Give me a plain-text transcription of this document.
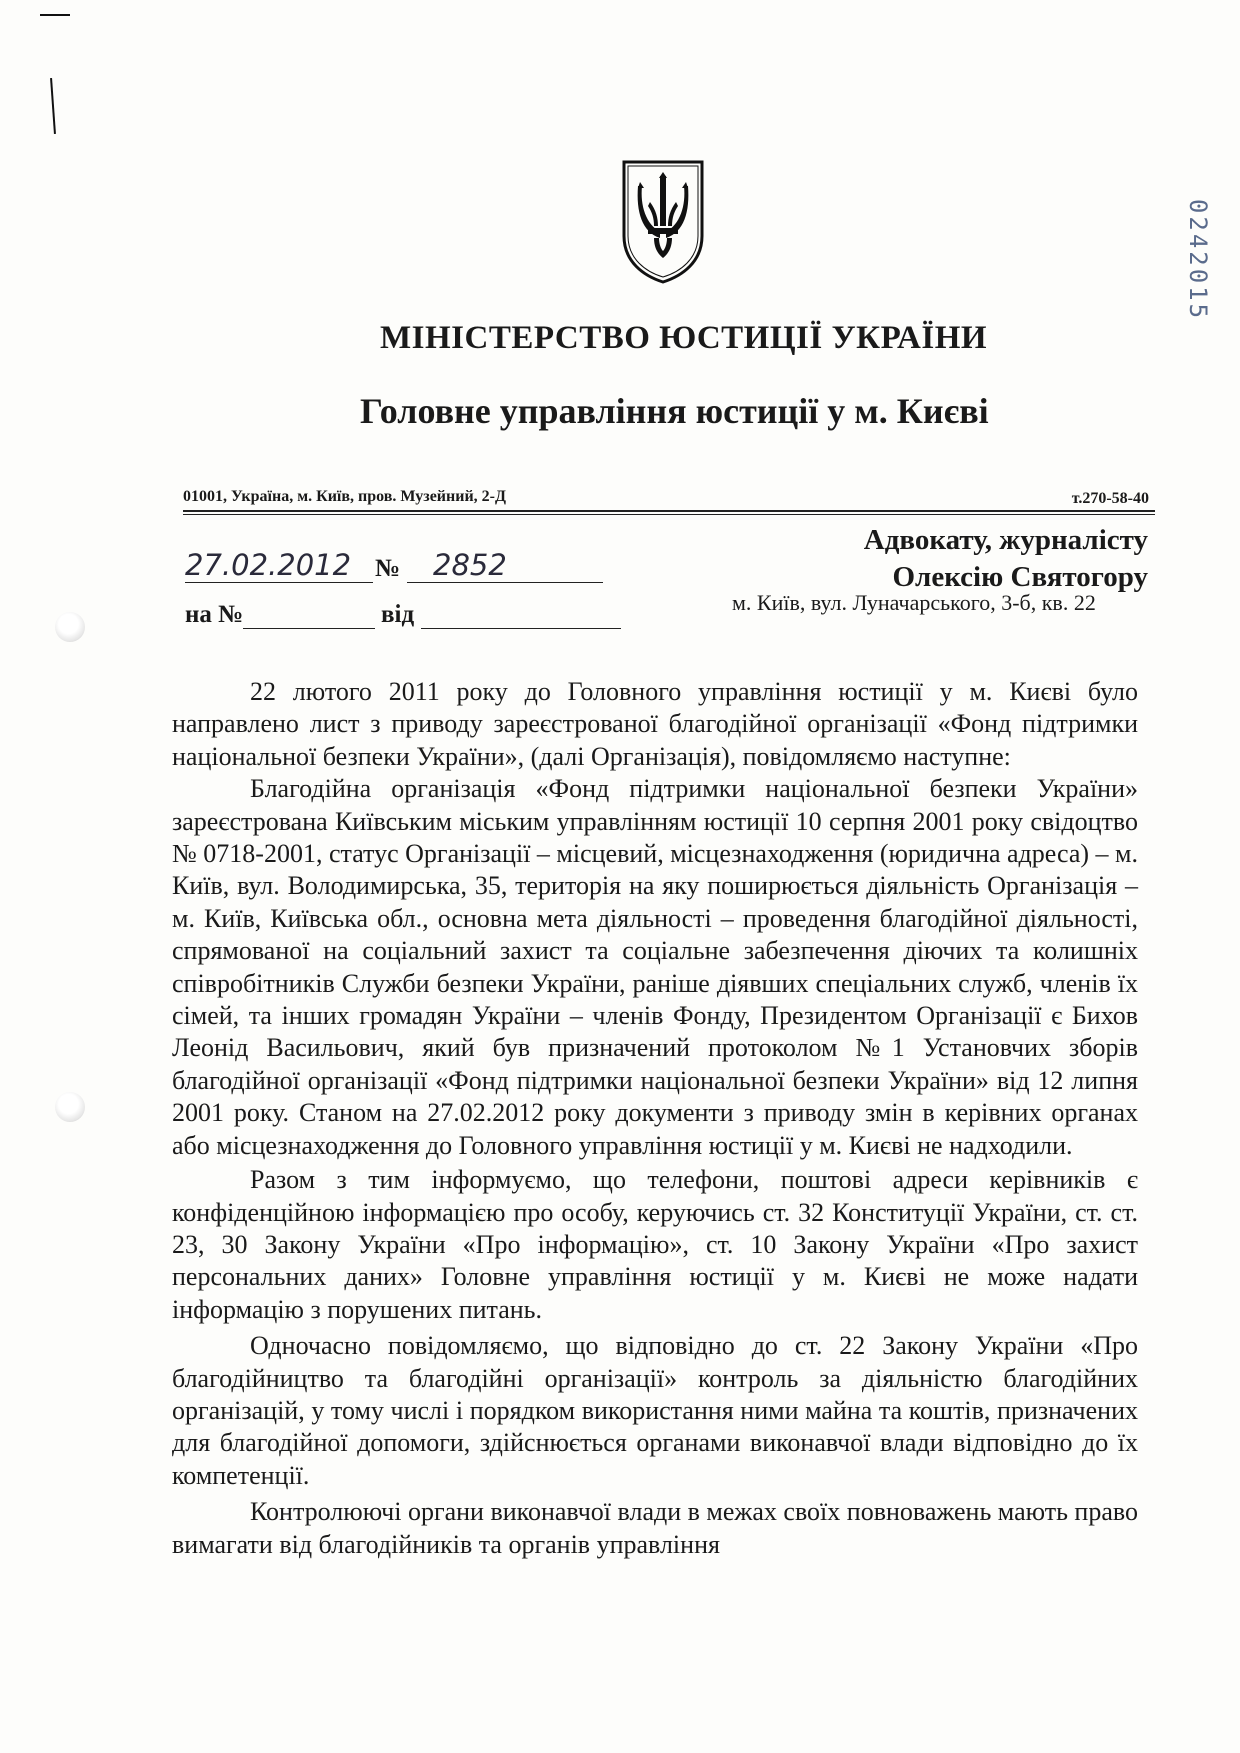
0242015
МІНІСТЕРСТВО ЮСТИЦІЇ УКРАЇНИ
Головне управління юстиції у м. Києві
01001, Україна, м. Київ, пров. Музейний, 2-Д	т.270-58-40
27.02.2012 № 2852
на №	від
Адвокату, журналісту
Олексію Святогору
м. Київ, вул. Луначарського, 3-б, кв. 22

22 лютого 2011 року до Головного управління юстиції у м. Києві було направлено лист з приводу зареєстрованої благодійної організації «Фонд підтримки національної безпеки України», (далі Організація), повідомляємо наступне:

Благодійна організація «Фонд підтримки національної безпеки України» зареєстрована Київським міським управлінням юстиції 10 серпня 2001 року свідоцтво № 0718-2001, статус Організації – місцевий, місцезнаходження (юридична адреса) – м. Київ, вул. Володимирська, 35, територія на яку поширюється діяльність Організація – м. Київ, Київська обл., основна мета діяльності – проведення благодійної діяльності, спрямованої на соціальний захист та соціальне забезпечення діючих та колишніх співробітників Служби безпеки України, раніше діявших спеціальних служб, членів їх сімей, та інших громадян України – членів Фонду, Президентом Організації є Бихов Леонід Васильович, який був призначений протоколом №1 Установчих зборів благодійної організації «Фонд підтримки національної безпеки України» від 12 липня 2001 року. Станом на 27.02.2012 року документи з приводу змін в керівних органах або місцезнаходження до Головного управління юстиції у м. Києві не надходили.

Разом з тим інформуємо, що телефони, поштові адреси керівників є конфіденційною інформацією про особу, керуючись ст. 32 Конституції України, ст. ст. 23, 30 Закону України «Про інформацію», ст. 10 Закону України «Про захист персональних даних» Головне управління юстиції у м. Києві не може надати інформацію з порушених питань.

Одночасно повідомляємо, що відповідно до ст. 22 Закону України «Про благодійництво та благодійні організації» контроль за діяльністю благодійних організацій, у тому числі і порядком використання ними майна та коштів, призначених для благодійної допомоги, здійснюється органами виконавчої влади відповідно до їх компетенції.

Контролюючі органи виконавчої влади в межах своїх повноважень мають право вимагати від благодійників та органів управління
